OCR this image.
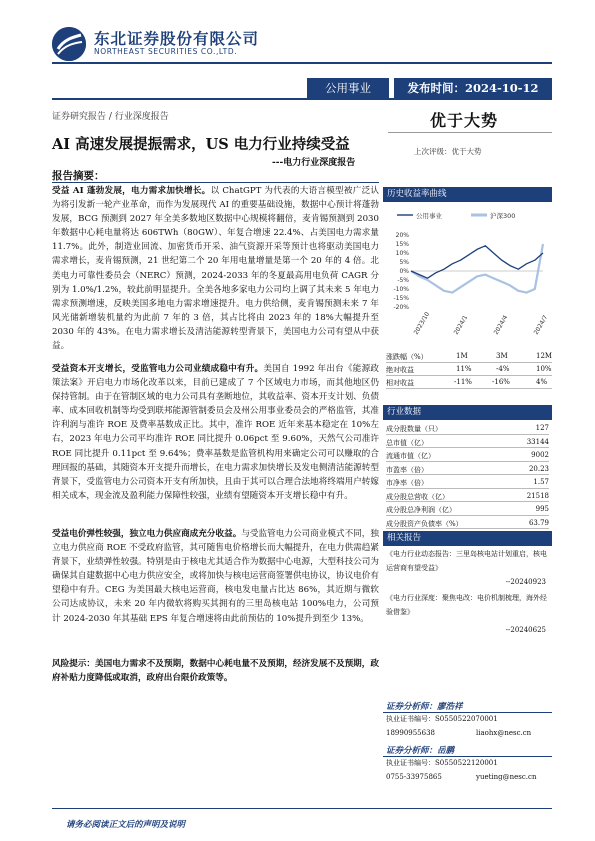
东北证券股份有限公司
NORTHEAST SECURITIES CO.,LTD.
公用事业	发布时间：2024-10-12
证券研究报告 / 行业深度报告	优于大势
上次评级：优于大势
AI 高速发展提振需求，US 电力行业持续受益
---电力行业深度报告
报告摘要：
受益 AI 蓬勃发展，电力需求加快增长。以 ChatGPT 为代表的大语言模型被广泛认为将引发新一轮产业革命，而作为发展现代 AI 的重要基础设施，数据中心预计将蓬勃发展，BCG 预测到 2027 年全美多数地区数据中心规模将翻倍，麦肯锡预测到 2030 年数据中心耗电量将达 606TWh（80GW）、年复合增速 22.4%、占美国电力需求量 11.7%。此外，制造业回流、加密货币开采、油气资源开采等预计也将驱动美国电力需求增长，麦肯锡预测，21 世纪第二个 20 年用电量增量是第一个 20 年的 4 倍。北美电力可靠性委员会（NERC）预测，2024-2033 年的冬夏最高用电负荷 CAGR 分别为 1.0%/1.2%，较此前明显提升。全美各地多家电力公司均上调了其未来 5 年电力需求预测增速，反映美国多地电力需求增速提升。电力供给侧，麦肯锡预测未来 7 年风光储新增装机量约为此前 7 年的 3 倍，其占比将由 2023 年的 18%大幅提升至 2030 年的 43%。在电力需求增长及清洁能源转型背景下，美国电力公司有望从中获益。
受益资本开支增长，受监管电力公司业绩成稳中有升。美国自 1992 年出台《能源政策法案》开启电力市场化改革以来，目前已建成了 7 个区域电力市场，而其他地区仍保持管制。由于在管制区域的电力公司具有垄断地位，其收益率、资本开支计划、负债率、成本回收机制等均受到联邦能源管制委员会及州公用事业委员会的严格监管，其准许利润与准许 ROE 及费率基数成正比。其中，准许 ROE 近年来基本稳定在 10%左右，2023 年电力公司平均准许 ROE 同比提升 0.06pct 至 9.60%，天然气公司准许 ROE 同比提升 0.11pct 至 9.64%；费率基数是监管机构用来确定公司可以赚取的合理回报的基础，其随资本开支提升而增长，在电力需求加快增长及发电侧清洁能源转型背景下，受监管电力公司资本开支有所加快，且由于其可以合理合法地将终端用户转嫁相关成本，现金流及盈利能力保障性较强，业绩有望随资本开支增长稳中有升。
受益电价弹性较强，独立电力供应商成充分收益。与受监管电力公司商业模式不同，独立电力供应商 ROE 不受政府监管，其可随售电价格增长而大幅提升，在电力供需趋紧背景下，业绩弹性较强。特别是由于核电尤其适合作为数据中心电源，大型科技公司为确保其自建数据中心电力供应安全，或将加快与核电运营商签署供电协议，协议电价有望稳中有升。CEG 为美国最大核电运营商，核电发电量占比达 86%，其近期与微软公司达成协议，未来 20 年内微软将购买其拥有的三里岛核电站 100%电力，公司预计 2024-2030 年其基础 EPS 年复合增速将由此前预估的 10%提升到至少 13%。
风险提示：美国电力需求不及预期，数据中心耗电量不及预期，经济发展不及预期，政府补贴力度降低或取消，政府出台限价政策等。
历史收益率曲线
20%
15%
10%
5%
0%
-5%
-10%
-15%
-20%
2023/10	2024/1	2024/4	2024/7
公用事业	沪深300
涨跌幅（%）	1M	3M	12M
绝对收益	11%	-4%	10%
相对收益	-11%	-16%	4%
行业数据
成分股数量（只）	127
总市值（亿）	33144
流通市值（亿）	9002
市盈率（倍）	20.23
市净率（倍）	1.57
成分股总营收（亿）	21518
成分股总净利润（亿）	995
成分股资产负债率（%）	63.79
相关报告
《电力行业动态报告：三里岛核电站计划重启，核电运营商有望受益》
--20240923
《电力行业深度：聚焦电改：电价机制梳理，海外经验借鉴》
--20240625
证券分析师：廖浩祥
执业证书编号：S0550522070001
18990955638	liaohx@nesc.cn
证券分析师：岳鹏
执业证书编号：S0550522120001
0755-33975865	yueting@nesc.cn
请务必阅读正文后的声明及说明
